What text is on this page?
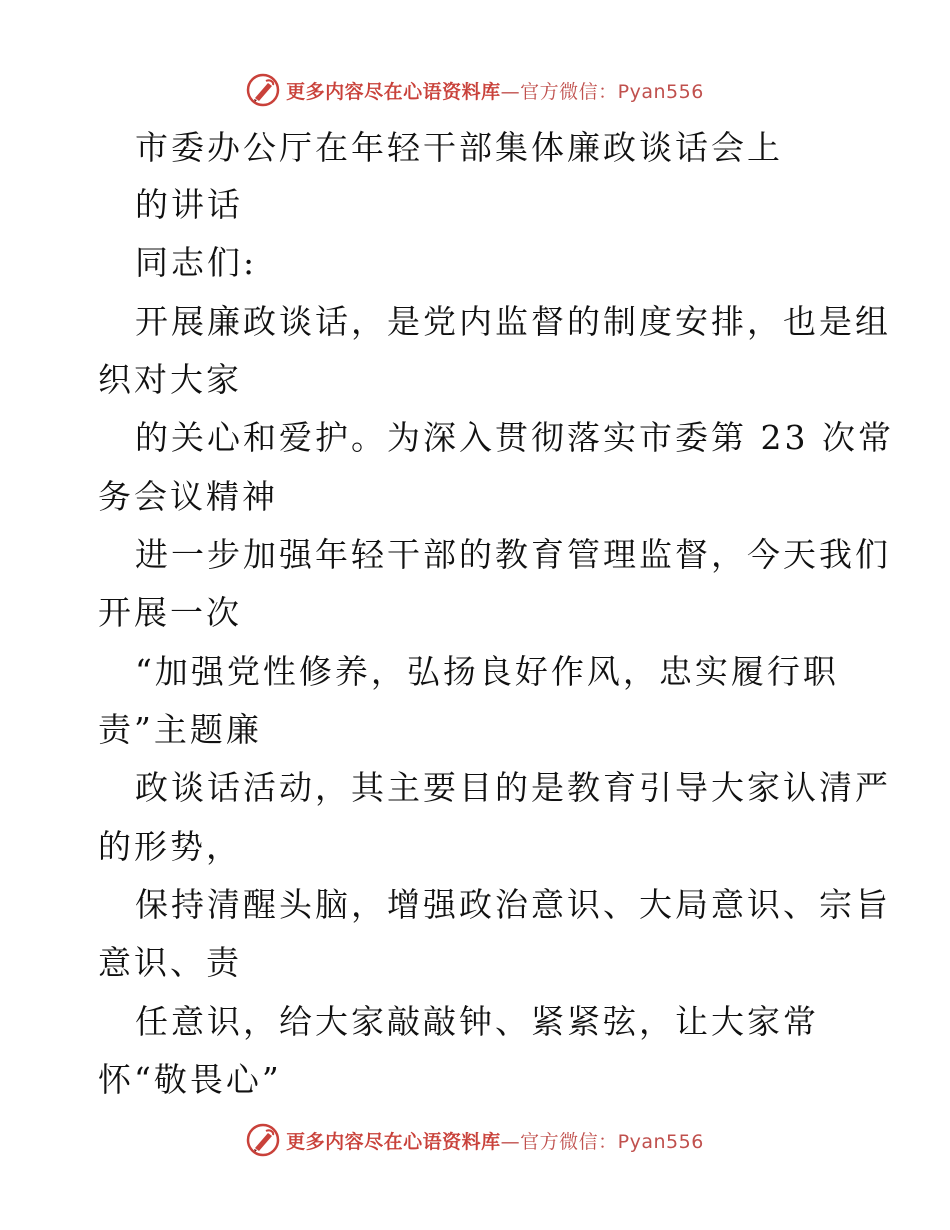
更多内容尽在心语资料库—官方微信：Pyan556
市委办公厅在年轻干部集体廉政谈话会上
的讲话
同志们:
开展廉政谈话，是党内监督的制度安排，也是组
织对大家
的关心和爱护。为深入贯彻落实市委第 23 次常
务会议精神
进一步加强年轻干部的教育管理监督，今天我们
开展一次
“加强党性修养，弘扬良好作风，忠实履行职
责”主题廉
政谈话活动，其主要目的是教育引导大家认清严
的形势，
保持清醒头脑，增强政治意识、大局意识、宗旨
意识、责
任意识，给大家敲敲钟、紧紧弦，让大家常
怀“敬畏心”
更多内容尽在心语资料库—官方微信：Pyan556
